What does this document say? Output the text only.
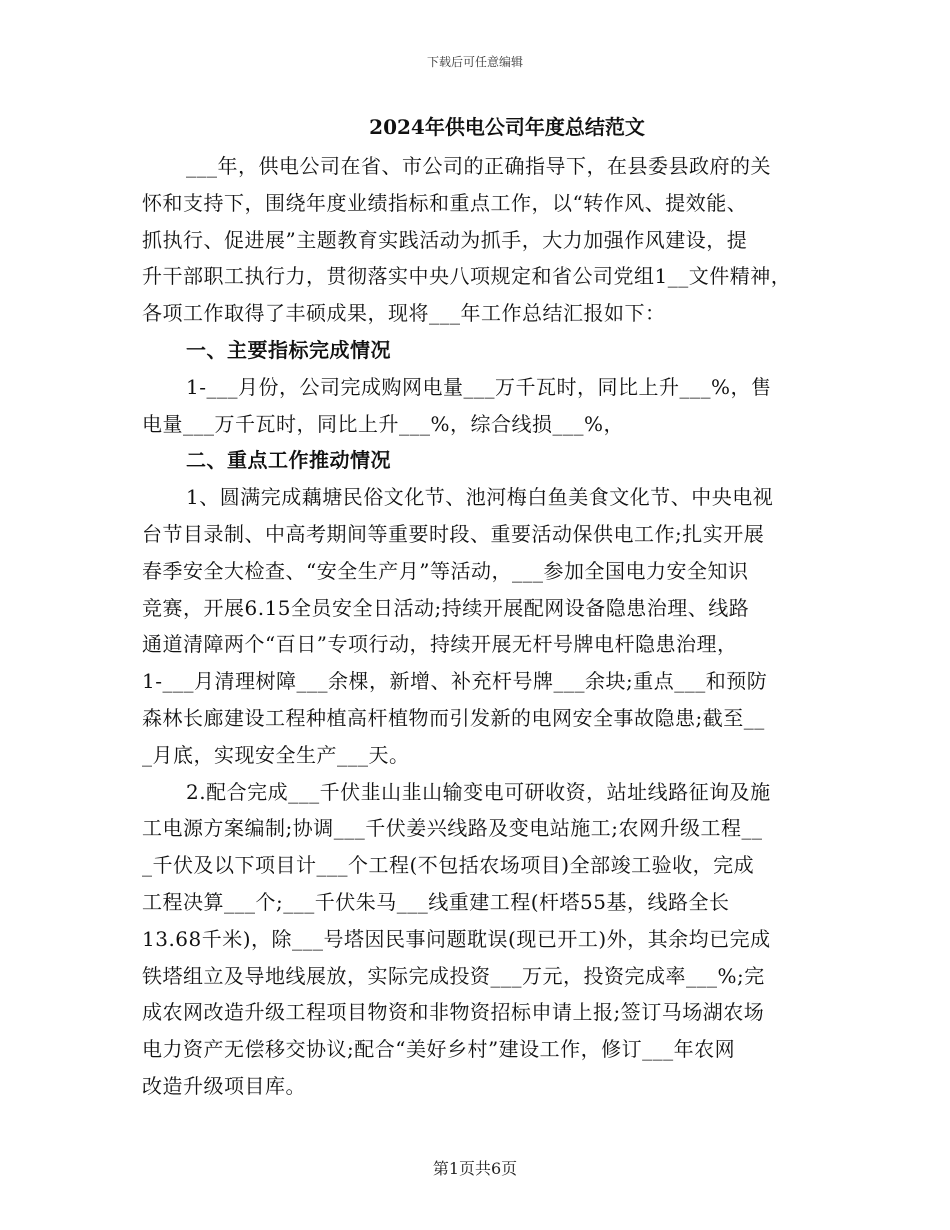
下载后可任意编辑
2024年供电公司年度总结范文
___年，供电公司在省、市公司的正确指导下，在县委县政府的关
怀和支持下，围绕年度业绩指标和重点工作，以“转作风、提效能、
抓执行、促进展”主题教育实践活动为抓手，大力加强作风建设，提
升干部职工执行力，贯彻落实中央八项规定和省公司党组1__文件精神，
各项工作取得了丰硕成果，现将___年工作总结汇报如下：
一、主要指标完成情况
1-___月份，公司完成购网电量___万千瓦时，同比上升___%，售
电量___万千瓦时，同比上升___%，综合线损___%，
二、重点工作推动情况
1、圆满完成藕塘民俗文化节、池河梅白鱼美食文化节、中央电视
台节目录制、中高考期间等重要时段、重要活动保供电工作;扎实开展
春季安全大检查、“安全生产月”等活动，___参加全国电力安全知识
竞赛，开展6.15全员安全日活动;持续开展配网设备隐患治理、线路
通道清障两个“百日”专项行动，持续开展无杆号牌电杆隐患治理，
1-___月清理树障___余棵，新增、补充杆号牌___余块;重点___和预防
森林长廊建设工程种植高杆植物而引发新的电网安全事故隐患;截至__
_月底，实现安全生产___天。
2.配合完成___千伏韭山韭山输变电可研收资，站址线路征询及施
工电源方案编制;协调___千伏姜兴线路及变电站施工;农网升级工程__
_千伏及以下项目计___个工程(不包括农场项目)全部竣工验收，完成
工程决算___个;___千伏朱马___线重建工程(杆塔55基，线路全长
13.68千米)，除___号塔因民事问题耽误(现已开工)外，其余均已完成
铁塔组立及导地线展放，实际完成投资___万元，投资完成率___%;完
成农网改造升级工程项目物资和非物资招标申请上报;签订马场湖农场
电力资产无偿移交协议;配合“美好乡村”建设工作，修订___年农网
改造升级项目库。
第1页共6页
